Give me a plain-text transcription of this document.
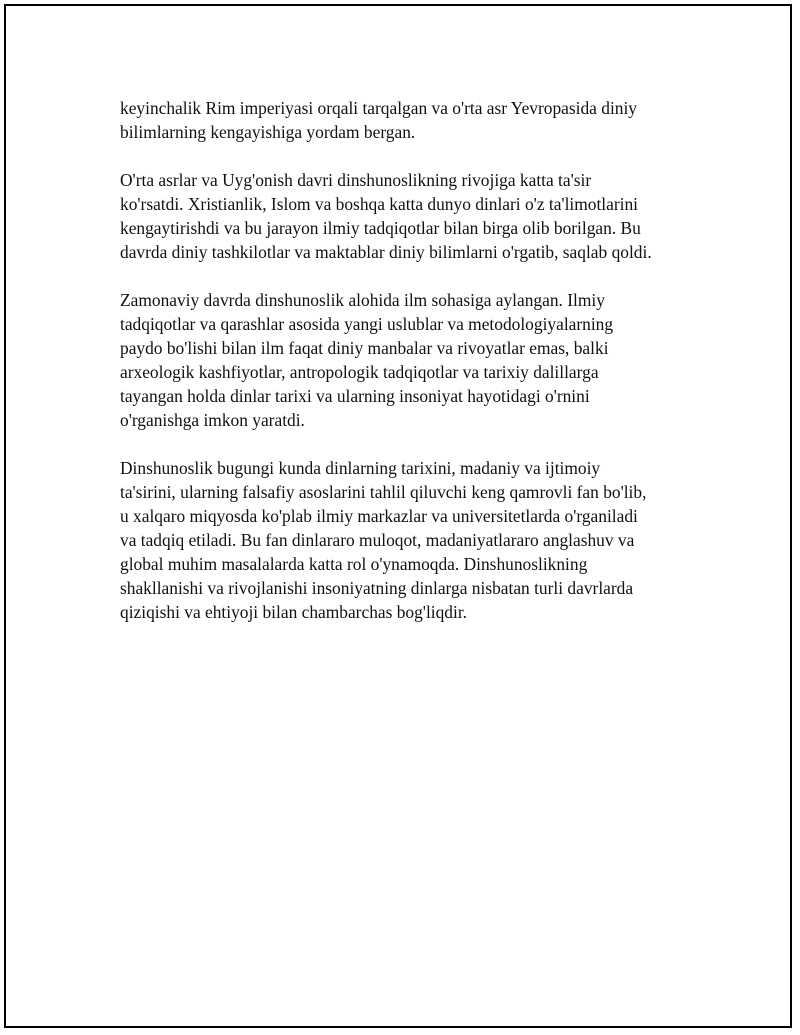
keyinchalik Rim imperiyasi orqali tarqalgan va o'rta asr Yevropasida diniy
bilimlarning kengayishiga yordam bergan.

O'rta asrlar va Uyg'onish davri dinshunoslikning rivojiga katta ta'sir
ko'rsatdi. Xristianlik, Islom va boshqa katta dunyo dinlari o'z ta'limotlarini
kengaytirishdi va bu jarayon ilmiy tadqiqotlar bilan birga olib borilgan. Bu
davrda diniy tashkilotlar va maktablar diniy bilimlarni o'rgatib, saqlab qoldi.

Zamonaviy davrda dinshunoslik alohida ilm sohasiga aylangan. Ilmiy
tadqiqotlar va qarashlar asosida yangi uslublar va metodologiyalarning
paydo bo'lishi bilan ilm faqat diniy manbalar va rivoyatlar emas, balki
arxeologik kashfiyotlar, antropologik tadqiqotlar va tarixiy dalillarga
tayangan holda dinlar tarixi va ularning insoniyat hayotidagi o'rnini
o'rganishga imkon yaratdi.

Dinshunoslik bugungi kunda dinlarning tarixini, madaniy va ijtimoiy
ta'sirini, ularning falsafiy asoslarini tahlil qiluvchi keng qamrovli fan bo'lib,
u xalqaro miqyosda ko'plab ilmiy markazlar va universitetlarda o'rganiladi
va tadqiq etiladi. Bu fan dinlararo muloqot, madaniyatlararo anglashuv va
global muhim masalalarda katta rol o'ynamoqda. Dinshunoslikning
shakllanishi va rivojlanishi insoniyatning dinlarga nisbatan turli davrlarda
qiziqishi va ehtiyoji bilan chambarchas bog'liqdir.
